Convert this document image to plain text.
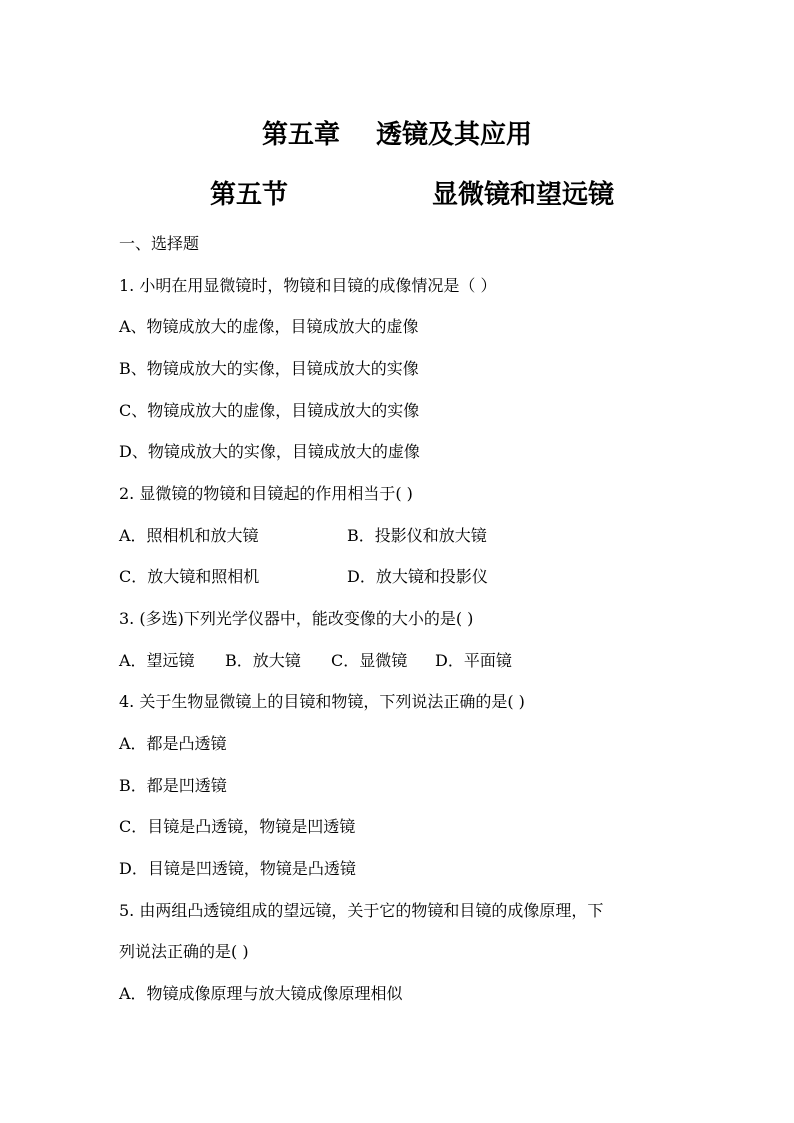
第五章 透镜及其应用
第五节	显微镜和望远镜
一、选择题
1. 小明在用显微镜时，物镜和目镜的成像情况是（ ）
A、物镜成放大的虚像，目镜成放大的虚像
B、物镜成放大的实像，目镜成放大的实像
C、物镜成放大的虚像，目镜成放大的实像
D、物镜成放大的实像，目镜成放大的虚像
2. 显微镜的物镜和目镜起的作用相当于( )
A．照相机和放大镜	B．投影仪和放大镜
C．放大镜和照相机	D．放大镜和投影仪
3. (多选)下列光学仪器中，能改变像的大小的是( )
A．望远镜 B．放大镜 C．显微镜 D．平面镜
4. 关于生物显微镜上的目镜和物镜，下列说法正确的是( )
A．都是凸透镜
B．都是凹透镜
C．目镜是凸透镜，物镜是凹透镜
D．目镜是凹透镜，物镜是凸透镜
5. 由两组凸透镜组成的望远镜，关于它的物镜和目镜的成像原理，下
列说法正确的是( )
A．物镜成像原理与放大镜成像原理相似
